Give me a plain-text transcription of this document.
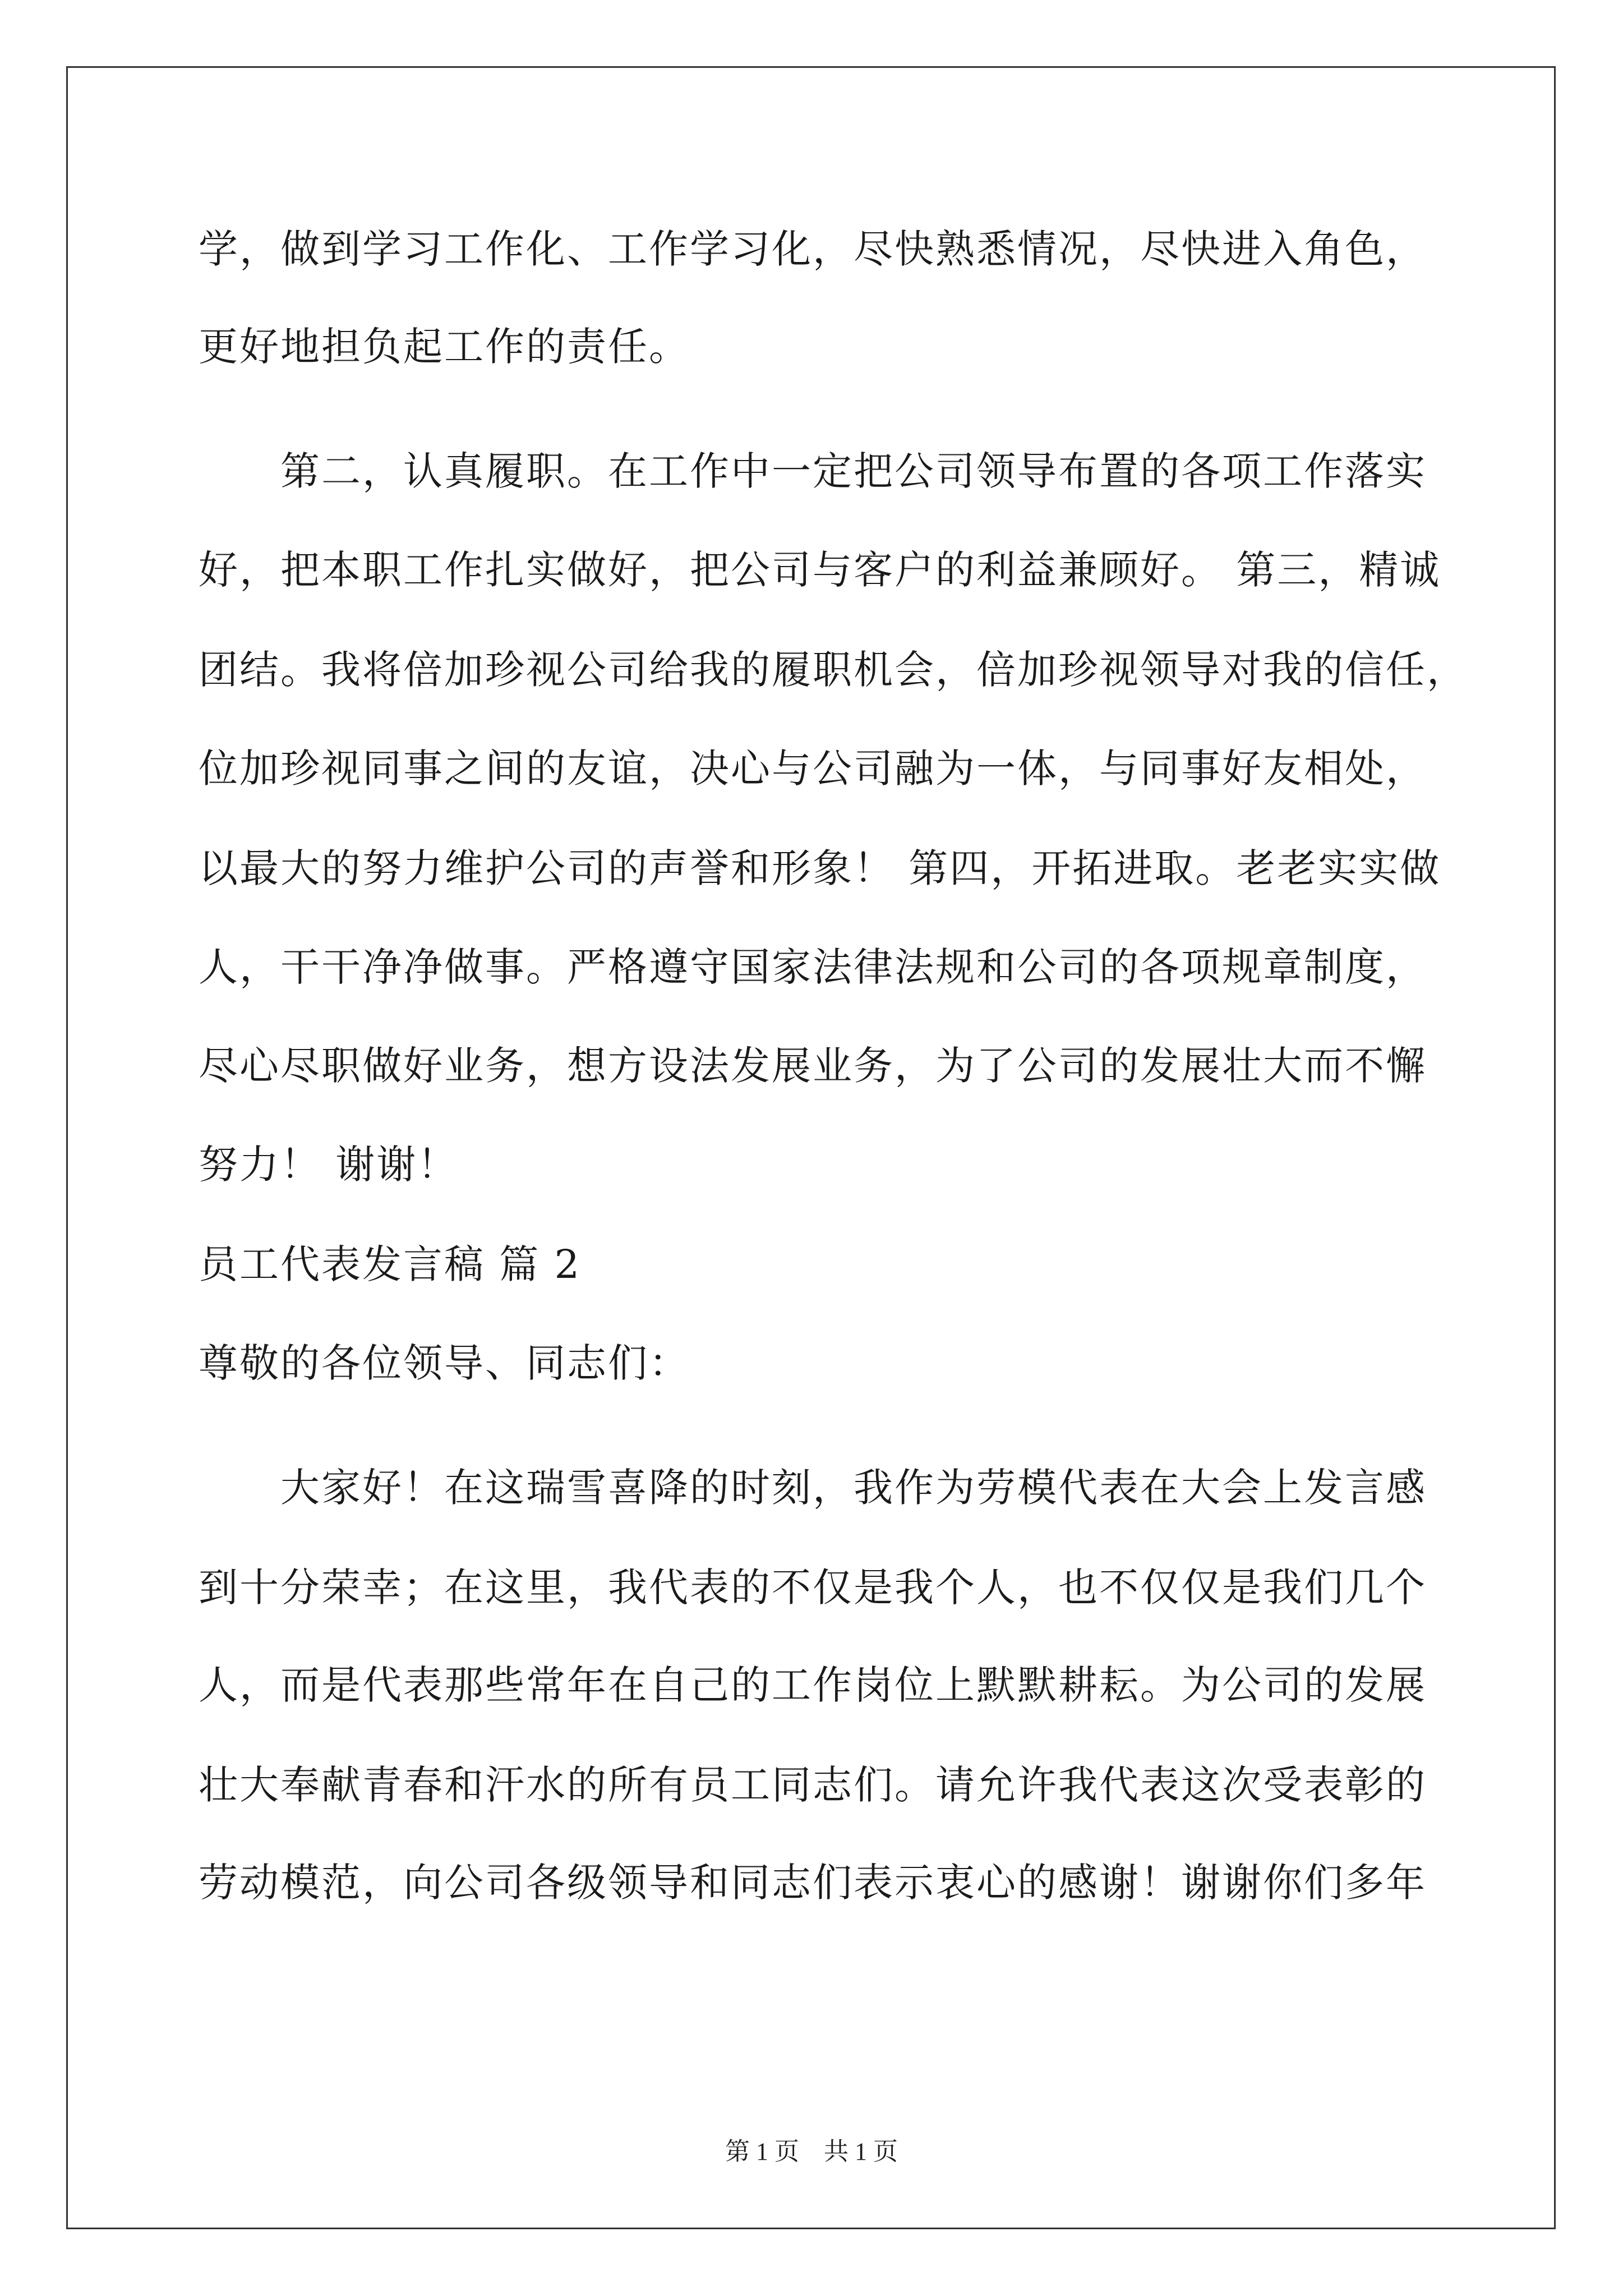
学，做到学习工作化、工作学习化，尽快熟悉情况，尽快进入角色，
更好地担负起工作的责任。
第二，认真履职。在工作中一定把公司领导布置的各项工作落实
好，把本职工作扎实做好，把公司与客户的利益兼顾好。 第三，精诚
团结。我将倍加珍视公司给我的履职机会，倍加珍视领导对我的信任，
位加珍视同事之间的友谊，决心与公司融为一体，与同事好友相处，
以最大的努力维护公司的声誉和形象！ 第四，开拓进取。老老实实做
人，干干净净做事。严格遵守国家法律法规和公司的各项规章制度，
尽心尽职做好业务，想方设法发展业务，为了公司的发展壮大而不懈
努力！ 谢谢！
员工代表发言稿 篇 2
尊敬的各位领导、同志们：
大家好！在这瑞雪喜降的时刻，我作为劳模代表在大会上发言感
到十分荣幸；在这里，我代表的不仅是我个人，也不仅仅是我们几个
人，而是代表那些常年在自己的工作岗位上默默耕耘。为公司的发展
壮大奉献青春和汗水的所有员工同志们。请允许我代表这次受表彰的
劳动模范，向公司各级领导和同志们表示衷心的感谢！谢谢你们多年
第 1 页　共 1 页
